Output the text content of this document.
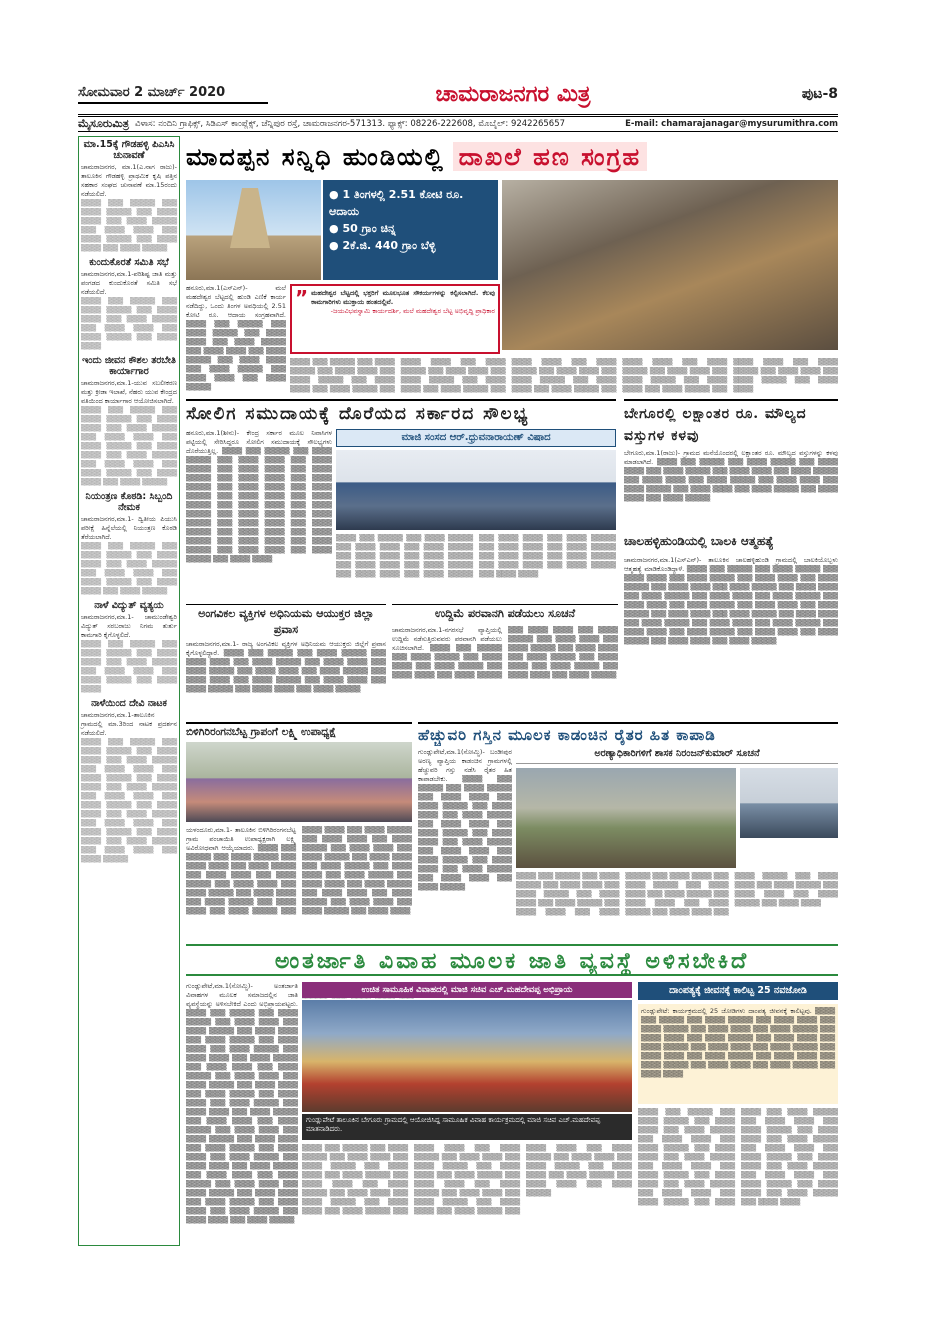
ಸೋಮವಾರ 2 ಮಾರ್ಚ್ 2020	ಚಾಮರಾಜನಗರ ಮಿತ್ರ	ಪುಟ-8
ಮೈಸೂರುಮಿತ್ರ ವಿಳಾಸ: ನಂದಿನಿ ಗ್ರಾಫಿಕ್ಸ್, ಸಿಡಿಎಸ್ ಕಾಂಪ್ಲೆಕ್ಸ್, ಚೆನ್ನಿಪುರ ರಸ್ತೆ, ಚಾಮರಾಜನಗರ-571313. ಫ್ಯಾಕ್ಸ್: 08226-222608, ಮೊಬೈಲ್: 9242265657	E-mail: chamarajanagar@mysurumithra.com
ಮಾ.15ಕ್ಕೆ ಗೌಡಹಳ್ಳಿ ಪಿಎಸಿಸಿ ಚುನಾವಣೆ
ಚಾಮರಾಜನಗರ, ಮಾ.1(ಎ.ನಾಗ ರಾಜು)- ತಾಲೂಕಿನ ಗೌಡಹಳ್ಳಿ ಪ್ರಾಥಮಿಕ ಕೃಷಿ ಪತ್ತಿನ ಸಹಕಾರ ಸಂಘದ ಚುನಾವಣೆ ಮಾ.15ರಂದು ನಡೆಯಲಿದೆ.
▒▒▒▒ ▒▒▒ ▒▒▒▒▒ ▒▒▒ ▒▒▒▒ ▒▒▒▒▒ ▒▒▒ ▒▒▒▒ ▒▒▒▒ ▒▒▒ ▒▒▒▒ ▒▒▒▒▒ ▒▒▒ ▒▒▒▒ ▒▒▒▒ ▒▒▒ ▒▒▒▒ ▒▒▒▒▒ ▒▒▒ ▒▒▒▒ ▒▒▒▒ ▒▒▒ ▒▒▒▒ ▒▒▒▒▒
ಕುಂದುಕೊರತೆ ಸಮಿತಿ ಸಭೆ
ಚಾಮರಾಜನಗರ,ಮಾ.1-ಪರಿಶಿಷ್ಟ ಜಾತಿ ಮತ್ತು ಪಂಗಡದ ಕುಂದುಕೊರತೆ ಸಮಿತಿ ಸಭೆ ನಡೆಯಲಿದೆ.
▒▒▒▒ ▒▒▒ ▒▒▒▒▒ ▒▒▒ ▒▒▒▒ ▒▒▒▒▒ ▒▒▒ ▒▒▒▒ ▒▒▒▒ ▒▒▒ ▒▒▒▒ ▒▒▒▒▒ ▒▒▒ ▒▒▒▒ ▒▒▒▒ ▒▒▒ ▒▒▒▒ ▒▒▒▒▒ ▒▒▒ ▒▒▒▒ ▒▒▒▒
ಇಂದು ಜೀವನ ಕೌಶಲ ತರಬೇತಿ ಕಾರ್ಯಾಗಾರ
ಚಾಮರಾಜನಗರ,ಮಾ.1-ಯುವ ಸಬಲೀಕರಣ ಮತ್ತು ಕ್ರೀಡಾ ಇಲಾಖೆ, ನೆಹರು ಯುವ ಕೇಂದ್ರದ ವತಿಯಿಂದ ಕಾರ್ಯಾಗಾರ ಆಯೋಜಿಸಲಾಗಿದೆ.
▒▒▒▒ ▒▒▒ ▒▒▒▒▒ ▒▒▒ ▒▒▒▒ ▒▒▒▒▒ ▒▒▒ ▒▒▒▒ ▒▒▒▒ ▒▒▒ ▒▒▒▒ ▒▒▒▒▒ ▒▒▒ ▒▒▒▒ ▒▒▒▒ ▒▒▒ ▒▒▒▒ ▒▒▒▒▒ ▒▒▒ ▒▒▒▒ ▒▒▒▒ ▒▒▒ ▒▒▒▒ ▒▒▒▒▒ ▒▒▒ ▒▒▒▒ ▒▒▒▒ ▒▒▒ ▒▒▒▒ ▒▒▒▒▒ ▒▒▒ ▒▒▒▒ ▒▒▒▒ ▒▒▒ ▒▒▒▒ ▒▒▒▒▒
ನಿಯಂತ್ರಣ ಕೊಠಡಿ: ಸಿಬ್ಬಂದಿ ನೇಮಕ
ಚಾಮರಾಜನಗರ,ಮಾ.1- ದ್ವಿತೀಯ ಪಿಯುಸಿ ಪರೀಕ್ಷೆ ಹಿನ್ನೆಲೆಯಲ್ಲಿ ನಿಯಂತ್ರಣ ಕೊಠಡಿ ತೆರೆಯಲಾಗಿದೆ.
▒▒▒▒ ▒▒▒ ▒▒▒▒▒ ▒▒▒ ▒▒▒▒ ▒▒▒▒▒ ▒▒▒ ▒▒▒▒ ▒▒▒▒ ▒▒▒ ▒▒▒▒ ▒▒▒▒▒ ▒▒▒ ▒▒▒▒ ▒▒▒▒ ▒▒▒ ▒▒▒▒ ▒▒▒▒▒ ▒▒▒ ▒▒▒▒ ▒▒▒▒ ▒▒▒ ▒▒▒▒ ▒▒▒▒▒
ನಾಳೆ ವಿದ್ಯುತ್ ವ್ಯತ್ಯಯ
ಚಾಮರಾಜನಗರ,ಮಾ.1- ಚಾಮುಂಡೇಶ್ವರಿ ವಿದ್ಯುತ್ ಸರಬರಾಜು ನಿಗಮ ತುರ್ತು ಕಾಮಗಾರಿ ಕೈಗೊಳ್ಳಲಿದೆ.
▒▒▒▒ ▒▒▒ ▒▒▒▒▒ ▒▒▒ ▒▒▒▒ ▒▒▒▒▒ ▒▒▒ ▒▒▒▒ ▒▒▒▒ ▒▒▒ ▒▒▒▒ ▒▒▒▒▒ ▒▒▒ ▒▒▒▒ ▒▒▒▒ ▒▒▒ ▒▒▒▒ ▒▒▒▒▒ ▒▒▒ ▒▒▒▒ ▒▒▒▒
ನಾಳೆಯಿಂದ ದೇವಿ ನಾಟಕ
ಚಾಮರಾಜನಗರ,ಮಾ.1-ತಾಲೂಕಿನ ಗ್ರಾಮದಲ್ಲಿ ಮಾ.3ರಿಂದ ನಾಟಕ ಪ್ರದರ್ಶನ ನಡೆಯಲಿದೆ.
▒▒▒▒ ▒▒▒ ▒▒▒▒▒ ▒▒▒ ▒▒▒▒ ▒▒▒▒▒ ▒▒▒ ▒▒▒▒ ▒▒▒▒ ▒▒▒ ▒▒▒▒ ▒▒▒▒▒ ▒▒▒ ▒▒▒▒ ▒▒▒▒ ▒▒▒ ▒▒▒▒ ▒▒▒▒▒ ▒▒▒ ▒▒▒▒ ▒▒▒▒ ▒▒▒ ▒▒▒▒ ▒▒▒▒▒ ▒▒▒ ▒▒▒▒ ▒▒▒▒ ▒▒▒ ▒▒▒▒ ▒▒▒▒▒ ▒▒▒ ▒▒▒▒ ▒▒▒▒ ▒▒▒ ▒▒▒▒ ▒▒▒▒▒ ▒▒▒ ▒▒▒▒ ▒▒▒▒ ▒▒▒ ▒▒▒▒ ▒▒▒▒▒ ▒▒▒ ▒▒▒▒ ▒▒▒▒ ▒▒▒ ▒▒▒▒ ▒▒▒▒▒ ▒▒▒ ▒▒▒▒ ▒▒▒▒ ▒▒▒ ▒▒▒▒ ▒▒▒▒▒
ಮಾದಪ್ಪನ ಸನ್ನಿಧಿ ಹುಂಡಿಯಲ್ಲಿ ದಾಖಲೆ ಹಣ ಸಂಗ್ರಹ
● 1 ತಿಂಗಳಲ್ಲಿ 2.51 ಕೋಟಿ ರೂ. ಆದಾಯ
● 50 ಗ್ರಾಂ ಚಿನ್ನ
● 2ಕೆ.ಜಿ. 440 ಗ್ರಾಂ ಬೆಳ್ಳಿ
ಹನೂರು,ಮಾ.1(ಎಸ್‌ಎನ್)- ಮಲೆ ಮಹದೇಶ್ವರ ಬೆಟ್ಟದಲ್ಲಿ ಹುಂಡಿ ಎಣಿಕೆ ಕಾರ್ಯ ನಡೆದಿದ್ದು, ಒಂದು ತಿಂಗಳ ಅವಧಿಯಲ್ಲಿ 2.51 ಕೋಟಿ ರೂ. ಆದಾಯ ಸಂಗ್ರಹವಾಗಿದೆ. ▒▒▒▒ ▒▒▒ ▒▒▒▒▒ ▒▒▒ ▒▒▒▒ ▒▒▒▒▒ ▒▒▒ ▒▒▒▒ ▒▒▒▒ ▒▒▒ ▒▒▒▒ ▒▒▒▒▒ ▒▒▒ ▒▒▒▒ ▒▒▒▒ ▒▒▒ ▒▒▒▒ ▒▒▒▒▒ ▒▒▒ ▒▒▒▒ ▒▒▒▒ ▒▒▒ ▒▒▒▒ ▒▒▒▒▒ ▒▒▒ ▒▒▒▒ ▒▒▒▒ ▒▒▒ ▒▒▒▒ ▒▒▒▒▒
” ಮಹದೇಶ್ವರ ಬೆಟ್ಟದಲ್ಲಿ ಭಕ್ತರಿಗೆ ಮೂಲಭೂತ ಸೌಕರ್ಯಗಳನ್ನು ಕಲ್ಪಿಸಲಾಗಿದೆ. ಕೆಲವು ಕಾಮಗಾರಿಗಳು ಮುಕ್ತಾಯ ಹಂತದಲ್ಲಿವೆ.
-ಜಯವಿಭವಸ್ವಾಮಿ ಕಾರ್ಯದರ್ಶಿ, ಮಲೆ ಮಹದೇಶ್ವರ ಬೆಟ್ಟ ಅಭಿವೃದ್ಧಿ ಪ್ರಾಧಿಕಾರ
▒▒▒▒ ▒▒▒ ▒▒▒▒▒ ▒▒▒ ▒▒▒▒ ▒▒▒▒▒ ▒▒▒ ▒▒▒▒ ▒▒▒▒ ▒▒▒ ▒▒▒▒ ▒▒▒▒▒ ▒▒▒ ▒▒▒▒ ▒▒▒▒ ▒▒▒ ▒▒▒▒ ▒▒▒▒▒ ▒▒▒ ▒▒▒▒ ▒▒▒▒ ▒▒▒ ▒▒▒▒ ▒▒▒▒▒ ▒▒▒ ▒▒▒▒ ▒▒▒▒ ▒▒▒ ▒▒▒▒ ▒▒▒▒▒ ▒▒▒ ▒▒▒▒ ▒▒▒▒ ▒▒▒ ▒▒▒▒ ▒▒▒▒▒ ▒▒▒ ▒▒▒▒ ▒▒▒▒ ▒▒▒ ▒▒▒▒ ▒▒▒▒▒ ▒▒▒ ▒▒▒▒ ▒▒▒▒ ▒▒▒ ▒▒▒▒ ▒▒▒▒▒ ▒▒▒ ▒▒▒▒ ▒▒▒▒ ▒▒▒ ▒▒▒▒ ▒▒▒▒▒ ▒▒▒ ▒▒▒▒ ▒▒▒▒ ▒▒▒ ▒▒▒▒ ▒▒▒▒▒ ▒▒▒ ▒▒▒▒ ▒▒▒▒ ▒▒▒ ▒▒▒▒ ▒▒▒▒▒ ▒▒▒ ▒▒▒▒ ▒▒▒▒ ▒▒▒ ▒▒▒▒ ▒▒▒▒▒ ▒▒▒ ▒▒▒▒ ▒▒▒▒ ▒▒▒ ▒▒▒▒ ▒▒▒▒▒ ▒▒▒ ▒▒▒▒ ▒▒▒▒ ▒▒▒ ▒▒▒▒ ▒▒▒▒▒ ▒▒▒ ▒▒▒▒ ▒▒▒▒
ಸೋಲಿಗ ಸಮುದಾಯಕ್ಕೆ ದೊರೆಯದ ಸರ್ಕಾರದ ಸೌಲಭ್ಯ
ಮಾಜಿ ಸಂಸದ ಆರ್.ಧ್ರುವನಾರಾಯಣ್ ವಿಷಾದ
ಹನೂರು,ಮಾ.1(ಶೀನು)- ಕೇಂದ್ರ ಸರ್ಕಾರ ಮೂಲ ನಿವಾಸಿಗಳ ಪಟ್ಟಿಯಲ್ಲಿ ಸೇರಿಸಿದ್ದರೂ ಸೋಲಿಗ ಸಮುದಾಯಕ್ಕೆ ಸೌಲಭ್ಯಗಳು ದೊರೆಯುತ್ತಿಲ್ಲ. ▒▒▒▒ ▒▒▒ ▒▒▒▒▒ ▒▒▒ ▒▒▒▒ ▒▒▒▒▒ ▒▒▒ ▒▒▒▒ ▒▒▒▒ ▒▒▒ ▒▒▒▒ ▒▒▒▒▒ ▒▒▒ ▒▒▒▒ ▒▒▒▒ ▒▒▒ ▒▒▒▒ ▒▒▒▒▒ ▒▒▒ ▒▒▒▒ ▒▒▒▒ ▒▒▒ ▒▒▒▒ ▒▒▒▒▒ ▒▒▒ ▒▒▒▒ ▒▒▒▒ ▒▒▒ ▒▒▒▒ ▒▒▒▒▒ ▒▒▒ ▒▒▒▒ ▒▒▒▒ ▒▒▒ ▒▒▒▒ ▒▒▒▒▒ ▒▒▒ ▒▒▒▒ ▒▒▒▒ ▒▒▒ ▒▒▒▒ ▒▒▒▒▒ ▒▒▒ ▒▒▒▒ ▒▒▒▒ ▒▒▒ ▒▒▒▒ ▒▒▒▒▒ ▒▒▒ ▒▒▒▒ ▒▒▒▒ ▒▒▒ ▒▒▒▒ ▒▒▒▒▒ ▒▒▒ ▒▒▒▒ ▒▒▒▒ ▒▒▒ ▒▒▒▒ ▒▒▒▒▒ ▒▒▒ ▒▒▒▒ ▒▒▒▒ ▒▒▒ ▒▒▒▒ ▒▒▒▒▒ ▒▒▒ ▒▒▒▒ ▒▒▒▒ ▒▒▒ ▒▒▒▒ ▒▒▒▒▒ ▒▒▒ ▒▒▒▒ ▒▒▒▒
▒▒▒▒ ▒▒▒ ▒▒▒▒▒ ▒▒▒ ▒▒▒▒ ▒▒▒▒▒ ▒▒▒ ▒▒▒▒ ▒▒▒▒ ▒▒▒ ▒▒▒▒ ▒▒▒▒▒ ▒▒▒ ▒▒▒▒ ▒▒▒▒ ▒▒▒ ▒▒▒▒ ▒▒▒▒▒ ▒▒▒ ▒▒▒▒ ▒▒▒▒ ▒▒▒ ▒▒▒▒ ▒▒▒▒▒ ▒▒▒ ▒▒▒▒ ▒▒▒▒ ▒▒▒ ▒▒▒▒ ▒▒▒▒▒ ▒▒▒ ▒▒▒▒ ▒▒▒▒ ▒▒▒ ▒▒▒▒ ▒▒▒▒▒ ▒▒▒ ▒▒▒▒ ▒▒▒▒ ▒▒▒ ▒▒▒▒ ▒▒▒▒▒ ▒▒▒ ▒▒▒▒ ▒▒▒▒ ▒▒▒ ▒▒▒▒ ▒▒▒▒▒ ▒▒▒ ▒▒▒▒ ▒▒▒▒ ▒▒▒ ▒▒▒▒ ▒▒▒▒▒ ▒▒▒ ▒▒▒▒ ▒▒▒▒
ಬೇಗೂರಲ್ಲಿ ಲಕ್ಷಾಂತರ ರೂ. ಮೌಲ್ಯದ ವಸ್ತುಗಳ ಕಳವು
ಬೇಗೂರು,ಮಾ.1(ರಾಜು)- ಗ್ರಾಮದ ಮನೆಯೊಂದರಲ್ಲಿ ಲಕ್ಷಾಂತರ ರೂ. ಮೌಲ್ಯದ ವಸ್ತುಗಳನ್ನು ಕಳವು ಮಾಡಲಾಗಿದೆ. ▒▒▒▒ ▒▒▒ ▒▒▒▒▒ ▒▒▒ ▒▒▒▒ ▒▒▒▒▒ ▒▒▒ ▒▒▒▒ ▒▒▒▒ ▒▒▒ ▒▒▒▒ ▒▒▒▒▒ ▒▒▒ ▒▒▒▒ ▒▒▒▒ ▒▒▒ ▒▒▒▒ ▒▒▒▒▒ ▒▒▒ ▒▒▒▒ ▒▒▒▒ ▒▒▒ ▒▒▒▒ ▒▒▒▒▒ ▒▒▒ ▒▒▒▒ ▒▒▒▒ ▒▒▒ ▒▒▒▒ ▒▒▒▒▒ ▒▒▒ ▒▒▒▒ ▒▒▒▒ ▒▒▒ ▒▒▒▒ ▒▒▒▒▒ ▒▒▒ ▒▒▒▒ ▒▒▒▒ ▒▒▒ ▒▒▒▒ ▒▒▒▒▒
ಚಾಲಹಳ್ಳಿಹುಂಡಿಯಲ್ಲಿ ಬಾಲಕಿ ಆತ್ಮಹತ್ಯೆ
ಚಾಮರಾಜನಗರ,ಮಾ.1(ಎಸ್‌ಎನ್)- ತಾಲೂಕಿನ ಚಾಲಹಳ್ಳಿಹುಂಡಿ ಗ್ರಾಮದಲ್ಲಿ ಬಾಲಕಿಯೊಬ್ಬಳು ಆತ್ಮಹತ್ಯೆ ಮಾಡಿಕೊಂಡಿದ್ದಾಳೆ. ▒▒▒▒ ▒▒▒ ▒▒▒▒▒ ▒▒▒ ▒▒▒▒ ▒▒▒▒▒ ▒▒▒ ▒▒▒▒ ▒▒▒▒ ▒▒▒ ▒▒▒▒ ▒▒▒▒▒ ▒▒▒ ▒▒▒▒ ▒▒▒▒ ▒▒▒ ▒▒▒▒ ▒▒▒▒▒ ▒▒▒ ▒▒▒▒ ▒▒▒▒ ▒▒▒ ▒▒▒▒ ▒▒▒▒▒ ▒▒▒ ▒▒▒▒ ▒▒▒▒ ▒▒▒ ▒▒▒▒ ▒▒▒▒▒ ▒▒▒ ▒▒▒▒ ▒▒▒▒ ▒▒▒ ▒▒▒▒ ▒▒▒▒▒ ▒▒▒ ▒▒▒▒ ▒▒▒▒ ▒▒▒ ▒▒▒▒ ▒▒▒▒▒ ▒▒▒ ▒▒▒▒ ▒▒▒▒ ▒▒▒ ▒▒▒▒ ▒▒▒▒▒ ▒▒▒ ▒▒▒▒ ▒▒▒▒ ▒▒▒ ▒▒▒▒ ▒▒▒▒▒ ▒▒▒ ▒▒▒▒ ▒▒▒▒ ▒▒▒ ▒▒▒▒ ▒▒▒▒▒ ▒▒▒ ▒▒▒▒ ▒▒▒▒ ▒▒▒ ▒▒▒▒ ▒▒▒▒▒ ▒▒▒ ▒▒▒▒ ▒▒▒▒ ▒▒▒ ▒▒▒▒ ▒▒▒▒▒ ▒▒▒ ▒▒▒▒ ▒▒▒▒ ▒▒▒ ▒▒▒▒ ▒▒▒▒▒ ▒▒▒ ▒▒▒▒ ▒▒▒▒ ▒▒▒ ▒▒▒▒ ▒▒▒▒▒
ಅಂಗವಿಕಲ ವ್ಯಕ್ತಿಗಳ ಅಧಿನಿಯಮ ಆಯುಕ್ತರ ಜಿಲ್ಲಾ ಪ್ರವಾಸ
ಚಾಮರಾಜನಗರ,ಮಾ.1- ರಾಜ್ಯ ಅಂಗವಿಕಲ ವ್ಯಕ್ತಿಗಳ ಅಧಿನಿಯಮ ಆಯುಕ್ತರು ಜಿಲ್ಲೆಗೆ ಪ್ರವಾಸ ಕೈಗೊಳ್ಳಲಿದ್ದಾರೆ. ▒▒▒▒ ▒▒▒ ▒▒▒▒▒ ▒▒▒ ▒▒▒▒ ▒▒▒▒▒ ▒▒▒ ▒▒▒▒ ▒▒▒▒ ▒▒▒ ▒▒▒▒ ▒▒▒▒▒ ▒▒▒ ▒▒▒▒ ▒▒▒▒ ▒▒▒ ▒▒▒▒ ▒▒▒▒▒ ▒▒▒ ▒▒▒▒ ▒▒▒▒ ▒▒▒ ▒▒▒▒ ▒▒▒▒▒ ▒▒▒ ▒▒▒▒ ▒▒▒▒ ▒▒▒ ▒▒▒▒ ▒▒▒▒▒ ▒▒▒ ▒▒▒▒ ▒▒▒▒ ▒▒▒ ▒▒▒▒ ▒▒▒▒▒ ▒▒▒ ▒▒▒▒ ▒▒▒▒ ▒▒▒ ▒▒▒▒ ▒▒▒▒▒
ಉದ್ದಿಮೆ ಪರವಾನಗಿ ಪಡೆಯಲು ಸೂಚನೆ
ಚಾಮರಾಜನಗರ,ಮಾ.1-ನಗರಸಭೆ ವ್ಯಾಪ್ತಿಯಲ್ಲಿ ಉದ್ದಿಮೆ ನಡೆಸುತ್ತಿರುವವರು ಪರವಾನಗಿ ಪಡೆಯಲು ಸೂಚಿಸಲಾಗಿದೆ. ▒▒▒▒ ▒▒▒ ▒▒▒▒▒ ▒▒▒ ▒▒▒▒ ▒▒▒▒▒ ▒▒▒ ▒▒▒▒ ▒▒▒▒ ▒▒▒ ▒▒▒▒ ▒▒▒▒▒ ▒▒▒ ▒▒▒▒ ▒▒▒▒ ▒▒▒ ▒▒▒▒ ▒▒▒▒▒ ▒▒▒ ▒▒▒▒ ▒▒▒▒ ▒▒▒ ▒▒▒▒ ▒▒▒▒▒ ▒▒▒ ▒▒▒▒ ▒▒▒▒ ▒▒▒ ▒▒▒▒ ▒▒▒▒▒ ▒▒▒ ▒▒▒▒ ▒▒▒▒ ▒▒▒ ▒▒▒▒ ▒▒▒▒▒ ▒▒▒ ▒▒▒▒ ▒▒▒▒ ▒▒▒ ▒▒▒▒ ▒▒▒▒▒ ▒▒▒ ▒▒▒▒ ▒▒▒▒ ▒▒▒ ▒▒▒▒ ▒▒▒▒▒
ಬಿಳಿಗಿರಿರಂಗನಬೆಟ್ಟ ಗ್ರಾಪಂಗೆ ಲಕ್ಷ್ಮಿ ಉಪಾಧ್ಯಕ್ಷೆ
ಯಳಂದೂರು,ಮಾ.1- ತಾಲೂಕಿನ ಬಿಳಿಗಿರಿರಂಗನಬೆಟ್ಟ ಗ್ರಾಮ ಪಂಚಾಯಿತಿ ಉಪಾಧ್ಯಕ್ಷರಾಗಿ ಲಕ್ಷ್ಮಿ ಅವಿರೋಧವಾಗಿ ಆಯ್ಕೆಯಾದರು. ▒▒▒▒ ▒▒▒ ▒▒▒▒▒ ▒▒▒ ▒▒▒▒ ▒▒▒▒▒ ▒▒▒ ▒▒▒▒ ▒▒▒▒ ▒▒▒ ▒▒▒▒ ▒▒▒▒▒ ▒▒▒ ▒▒▒▒ ▒▒▒▒ ▒▒▒ ▒▒▒▒ ▒▒▒▒▒ ▒▒▒ ▒▒▒▒ ▒▒▒▒ ▒▒▒ ▒▒▒▒ ▒▒▒▒▒ ▒▒▒ ▒▒▒▒ ▒▒▒▒ ▒▒▒ ▒▒▒▒ ▒▒▒▒▒ ▒▒▒ ▒▒▒▒ ▒▒▒▒ ▒▒▒ ▒▒▒▒ ▒▒▒▒▒ ▒▒▒ ▒▒▒▒ ▒▒▒▒ ▒▒▒ ▒▒▒▒ ▒▒▒▒▒ ▒▒▒ ▒▒▒▒ ▒▒▒▒ ▒▒▒ ▒▒▒▒ ▒▒▒▒▒ ▒▒▒ ▒▒▒▒ ▒▒▒▒ ▒▒▒ ▒▒▒▒ ▒▒▒▒▒ ▒▒▒ ▒▒▒▒ ▒▒▒▒ ▒▒▒ ▒▒▒▒ ▒▒▒▒▒ ▒▒▒ ▒▒▒▒ ▒▒▒▒ ▒▒▒ ▒▒▒▒ ▒▒▒▒▒ ▒▒▒ ▒▒▒▒ ▒▒▒▒ ▒▒▒ ▒▒▒▒ ▒▒▒▒▒ ▒▒▒ ▒▒▒▒ ▒▒▒▒ ▒▒▒ ▒▒▒▒ ▒▒▒▒▒ ▒▒▒ ▒▒▒▒ ▒▒▒▒ ▒▒▒ ▒▒▒▒ ▒▒▒▒▒ ▒▒▒ ▒▒▒▒ ▒▒▒▒
ಹೆಚ್ಚುವರಿ ಗಸ್ತಿನ ಮೂಲಕ ಕಾಡಂಚಿನ ರೈತರ ಹಿತ ಕಾಪಾಡಿ
ಅರಣ್ಯಾಧಿಕಾರಿಗಳಿಗೆ ಶಾಸಕ ನಿರಂಜನ್‌ಕುಮಾರ್ ಸೂಚನೆ
ಗುಂಡ್ಲುಪೇಟೆ,ಮಾ.1(ಸೋಮ್ಜಿ)- ಬಂಡೀಪುರ ಅರಣ್ಯ ವ್ಯಾಪ್ತಿಯ ಕಾಡಂಚಿನ ಗ್ರಾಮಗಳಲ್ಲಿ ಹೆಚ್ಚುವರಿ ಗಸ್ತು ನಡೆಸಿ ರೈತರ ಹಿತ ಕಾಪಾಡಬೇಕು. ▒▒▒▒ ▒▒▒ ▒▒▒▒▒ ▒▒▒ ▒▒▒▒ ▒▒▒▒▒ ▒▒▒ ▒▒▒▒ ▒▒▒▒ ▒▒▒ ▒▒▒▒ ▒▒▒▒▒ ▒▒▒ ▒▒▒▒ ▒▒▒▒ ▒▒▒ ▒▒▒▒ ▒▒▒▒▒ ▒▒▒ ▒▒▒▒ ▒▒▒▒ ▒▒▒ ▒▒▒▒ ▒▒▒▒▒ ▒▒▒ ▒▒▒▒ ▒▒▒▒ ▒▒▒ ▒▒▒▒ ▒▒▒▒▒ ▒▒▒ ▒▒▒▒ ▒▒▒▒ ▒▒▒ ▒▒▒▒ ▒▒▒▒▒ ▒▒▒ ▒▒▒▒ ▒▒▒▒ ▒▒▒ ▒▒▒▒ ▒▒▒▒▒ ▒▒▒ ▒▒▒▒ ▒▒▒▒ ▒▒▒ ▒▒▒▒ ▒▒▒▒▒
▒▒▒▒ ▒▒▒ ▒▒▒▒▒ ▒▒▒ ▒▒▒▒ ▒▒▒▒▒ ▒▒▒ ▒▒▒▒ ▒▒▒▒ ▒▒▒ ▒▒▒▒ ▒▒▒▒▒ ▒▒▒ ▒▒▒▒ ▒▒▒▒ ▒▒▒ ▒▒▒▒ ▒▒▒▒▒ ▒▒▒ ▒▒▒▒ ▒▒▒▒ ▒▒▒ ▒▒▒▒ ▒▒▒▒▒ ▒▒▒ ▒▒▒▒ ▒▒▒▒ ▒▒▒ ▒▒▒▒ ▒▒▒▒▒ ▒▒▒ ▒▒▒▒ ▒▒▒▒ ▒▒▒ ▒▒▒▒ ▒▒▒▒▒ ▒▒▒ ▒▒▒▒ ▒▒▒▒ ▒▒▒ ▒▒▒▒ ▒▒▒▒▒ ▒▒▒ ▒▒▒▒ ▒▒▒▒ ▒▒▒ ▒▒▒▒ ▒▒▒▒▒ ▒▒▒ ▒▒▒▒ ▒▒▒▒ ▒▒▒ ▒▒▒▒ ▒▒▒▒▒ ▒▒▒ ▒▒▒▒ ▒▒▒▒ ▒▒▒ ▒▒▒▒ ▒▒▒▒▒ ▒▒▒ ▒▒▒▒ ▒▒▒▒
ಅಂತರ್ಜಾತಿ ವಿವಾಹ ಮೂಲಕ ಜಾತಿ ವ್ಯವಸ್ಥೆ ಅಳಿಸಬೇಕಿದೆ
ಗುಂಡ್ಲುಪೇಟೆ,ಮಾ.1(ಸೋಮ್ಜಿ)- ಅಂತರ್ಜಾತಿ ವಿವಾಹಗಳ ಮೂಲಕ ಸಮಾಜದಲ್ಲಿನ ಜಾತಿ ವ್ಯವಸ್ಥೆಯನ್ನು ಅಳಿಸಬೇಕಿದೆ ಎಂದು ಅಭಿಪ್ರಾಯಪಟ್ಟರು. ▒▒▒▒ ▒▒▒ ▒▒▒▒▒ ▒▒▒ ▒▒▒▒ ▒▒▒▒▒ ▒▒▒ ▒▒▒▒ ▒▒▒▒ ▒▒▒ ▒▒▒▒ ▒▒▒▒▒ ▒▒▒ ▒▒▒▒ ▒▒▒▒ ▒▒▒ ▒▒▒▒ ▒▒▒▒▒ ▒▒▒ ▒▒▒▒ ▒▒▒▒ ▒▒▒ ▒▒▒▒ ▒▒▒▒▒ ▒▒▒ ▒▒▒▒ ▒▒▒▒ ▒▒▒ ▒▒▒▒ ▒▒▒▒▒ ▒▒▒ ▒▒▒▒ ▒▒▒▒ ▒▒▒ ▒▒▒▒ ▒▒▒▒▒ ▒▒▒ ▒▒▒▒ ▒▒▒▒ ▒▒▒ ▒▒▒▒ ▒▒▒▒▒ ▒▒▒ ▒▒▒▒ ▒▒▒▒ ▒▒▒ ▒▒▒▒ ▒▒▒▒▒ ▒▒▒ ▒▒▒▒ ▒▒▒▒ ▒▒▒ ▒▒▒▒ ▒▒▒▒▒ ▒▒▒ ▒▒▒▒ ▒▒▒▒ ▒▒▒ ▒▒▒▒ ▒▒▒▒▒ ▒▒▒ ▒▒▒▒ ▒▒▒▒ ▒▒▒ ▒▒▒▒ ▒▒▒▒▒ ▒▒▒ ▒▒▒▒ ▒▒▒▒ ▒▒▒ ▒▒▒▒ ▒▒▒▒▒ ▒▒▒ ▒▒▒▒ ▒▒▒▒ ▒▒▒ ▒▒▒▒ ▒▒▒▒▒ ▒▒▒ ▒▒▒▒ ▒▒▒▒ ▒▒▒ ▒▒▒▒ ▒▒▒▒▒ ▒▒▒ ▒▒▒▒ ▒▒▒▒ ▒▒▒ ▒▒▒▒ ▒▒▒▒▒ ▒▒▒ ▒▒▒▒ ▒▒▒▒ ▒▒▒ ▒▒▒▒ ▒▒▒▒▒ ▒▒▒ ▒▒▒▒ ▒▒▒▒ ▒▒▒ ▒▒▒▒ ▒▒▒▒▒ ▒▒▒ ▒▒▒▒ ▒▒▒▒ ▒▒▒ ▒▒▒▒ ▒▒▒▒▒ ▒▒▒ ▒▒▒▒ ▒▒▒▒ ▒▒▒ ▒▒▒▒ ▒▒▒▒▒ ▒▒▒ ▒▒▒▒ ▒▒▒▒ ▒▒▒ ▒▒▒▒ ▒▒▒▒▒
ಉಚಿತ ಸಾಮೂಹಿಕ ವಿವಾಹದಲ್ಲಿ ಮಾಜಿ ಸಚಿವ ಎಚ್.ಮಹದೇವಪ್ಪ ಅಭಿಪ್ರಾಯ
ಗುಂಡ್ಲುಪೇಟೆ ತಾಲೂಕಿನ ಬೇಗೂರು ಗ್ರಾಮದಲ್ಲಿ ಆಯೋಜಿಸಿದ್ದ ಸಾಮೂಹಿಕ ವಿವಾಹ ಕಾರ್ಯಕ್ರಮದಲ್ಲಿ ಮಾಜಿ ಸಚಿವ ಎಚ್.ಮಹದೇವಪ್ಪ ಮಾತನಾಡಿದರು.
▒▒▒▒ ▒▒▒ ▒▒▒▒▒ ▒▒▒ ▒▒▒▒ ▒▒▒▒▒ ▒▒▒ ▒▒▒▒ ▒▒▒▒ ▒▒▒ ▒▒▒▒ ▒▒▒▒▒ ▒▒▒ ▒▒▒▒ ▒▒▒▒ ▒▒▒ ▒▒▒▒ ▒▒▒▒▒ ▒▒▒ ▒▒▒▒ ▒▒▒▒ ▒▒▒ ▒▒▒▒ ▒▒▒▒▒ ▒▒▒ ▒▒▒▒ ▒▒▒▒ ▒▒▒ ▒▒▒▒ ▒▒▒▒▒ ▒▒▒ ▒▒▒▒ ▒▒▒▒ ▒▒▒ ▒▒▒▒ ▒▒▒▒▒ ▒▒▒ ▒▒▒▒ ▒▒▒▒ ▒▒▒ ▒▒▒▒ ▒▒▒▒▒ ▒▒▒ ▒▒▒▒ ▒▒▒▒ ▒▒▒ ▒▒▒▒ ▒▒▒▒▒ ▒▒▒ ▒▒▒▒ ▒▒▒▒ ▒▒▒ ▒▒▒▒ ▒▒▒▒▒ ▒▒▒ ▒▒▒▒ ▒▒▒▒ ▒▒▒ ▒▒▒▒ ▒▒▒▒▒ ▒▒▒ ▒▒▒▒ ▒▒▒▒ ▒▒▒ ▒▒▒▒ ▒▒▒▒▒ ▒▒▒ ▒▒▒▒ ▒▒▒▒ ▒▒▒ ▒▒▒▒ ▒▒▒▒▒ ▒▒▒ ▒▒▒▒ ▒▒▒▒ ▒▒▒ ▒▒▒▒ ▒▒▒▒▒ ▒▒▒ ▒▒▒▒ ▒▒▒▒ ▒▒▒ ▒▒▒▒ ▒▒▒▒▒ ▒▒▒ ▒▒▒▒ ▒▒▒▒ ▒▒▒ ▒▒▒▒ ▒▒▒▒▒ ▒▒▒ ▒▒▒▒ ▒▒▒▒ ▒▒▒ ▒▒▒▒ ▒▒▒▒▒
ದಾಂಪತ್ಯಕ್ಕೆ ಜೀವನಕ್ಕೆ ಕಾಲಿಟ್ಟ 25 ನವಜೋಡಿ
ಗುಂಡ್ಲುಪೇಟೆ: ಕಾರ್ಯಕ್ರಮದಲ್ಲಿ 25 ಜೋಡಿಗಳು ದಾಂಪತ್ಯ ಜೀವನಕ್ಕೆ ಕಾಲಿಟ್ಟವು. ▒▒▒▒ ▒▒▒ ▒▒▒▒▒ ▒▒▒ ▒▒▒▒ ▒▒▒▒▒ ▒▒▒ ▒▒▒▒ ▒▒▒▒ ▒▒▒ ▒▒▒▒ ▒▒▒▒▒ ▒▒▒ ▒▒▒▒ ▒▒▒▒ ▒▒▒ ▒▒▒▒ ▒▒▒▒▒ ▒▒▒ ▒▒▒▒ ▒▒▒▒ ▒▒▒ ▒▒▒▒ ▒▒▒▒▒ ▒▒▒ ▒▒▒▒ ▒▒▒▒ ▒▒▒ ▒▒▒▒ ▒▒▒▒▒ ▒▒▒ ▒▒▒▒ ▒▒▒▒ ▒▒▒ ▒▒▒▒ ▒▒▒▒▒ ▒▒▒ ▒▒▒▒ ▒▒▒▒ ▒▒▒ ▒▒▒▒ ▒▒▒▒▒ ▒▒▒ ▒▒▒▒ ▒▒▒▒ ▒▒▒ ▒▒▒▒ ▒▒▒▒▒ ▒▒▒ ▒▒▒▒ ▒▒▒▒ ▒▒▒ ▒▒▒▒ ▒▒▒▒▒ ▒▒▒ ▒▒▒▒ ▒▒▒▒
▒▒▒▒ ▒▒▒ ▒▒▒▒▒ ▒▒▒ ▒▒▒▒ ▒▒▒▒▒ ▒▒▒ ▒▒▒▒ ▒▒▒▒ ▒▒▒ ▒▒▒▒ ▒▒▒▒▒ ▒▒▒ ▒▒▒▒ ▒▒▒▒ ▒▒▒ ▒▒▒▒ ▒▒▒▒▒ ▒▒▒ ▒▒▒▒ ▒▒▒▒ ▒▒▒ ▒▒▒▒ ▒▒▒▒▒ ▒▒▒ ▒▒▒▒ ▒▒▒▒ ▒▒▒ ▒▒▒▒ ▒▒▒▒▒ ▒▒▒ ▒▒▒▒ ▒▒▒▒ ▒▒▒ ▒▒▒▒ ▒▒▒▒▒ ▒▒▒ ▒▒▒▒ ▒▒▒▒ ▒▒▒ ▒▒▒▒ ▒▒▒▒▒ ▒▒▒ ▒▒▒▒ ▒▒▒▒ ▒▒▒ ▒▒▒▒ ▒▒▒▒▒ ▒▒▒ ▒▒▒▒ ▒▒▒▒ ▒▒▒ ▒▒▒▒ ▒▒▒▒▒ ▒▒▒ ▒▒▒▒ ▒▒▒▒ ▒▒▒ ▒▒▒▒ ▒▒▒▒▒ ▒▒▒ ▒▒▒▒ ▒▒▒▒ ▒▒▒ ▒▒▒▒ ▒▒▒▒▒ ▒▒▒ ▒▒▒▒ ▒▒▒▒ ▒▒▒ ▒▒▒▒ ▒▒▒▒▒ ▒▒▒ ▒▒▒▒ ▒▒▒▒ ▒▒▒ ▒▒▒▒ ▒▒▒▒▒ ▒▒▒ ▒▒▒▒ ▒▒▒▒ ▒▒▒ ▒▒▒▒ ▒▒▒▒▒ ▒▒▒ ▒▒▒▒ ▒▒▒▒
